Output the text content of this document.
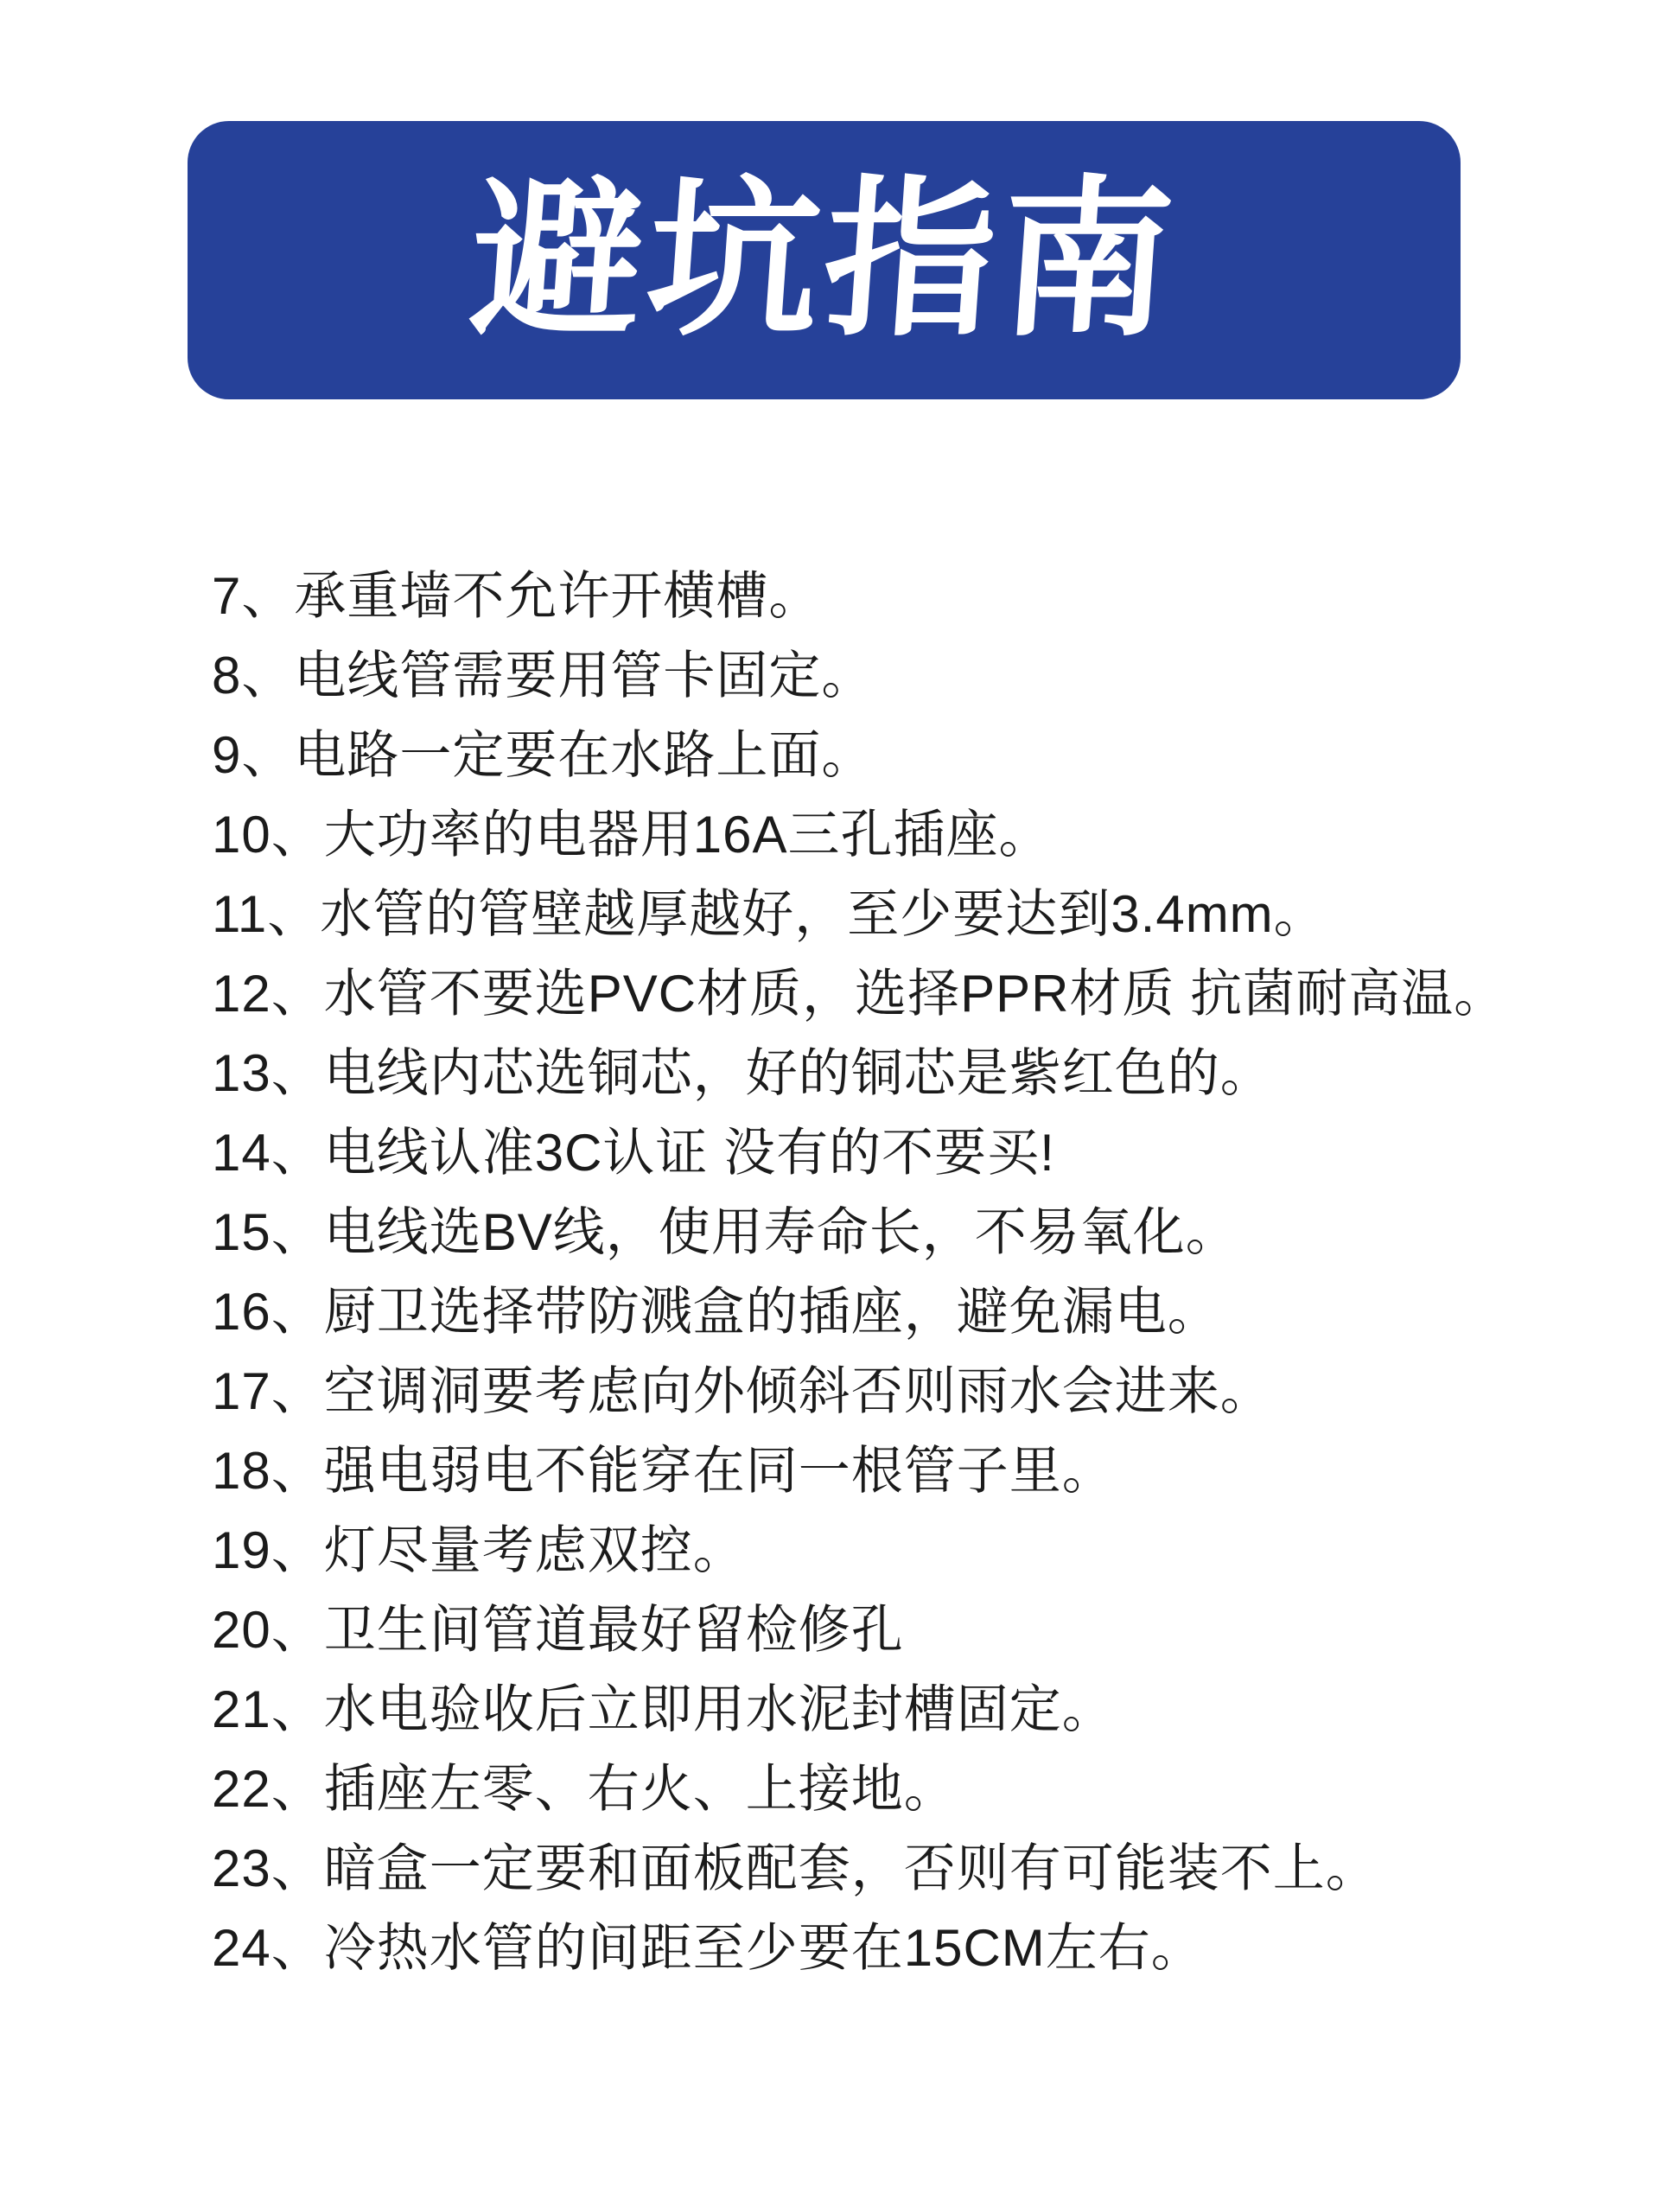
避坑指南
7、承重墙不允许开横槽。
8、电线管需要用管卡固定。
9、电路一定要在水路上面。
10、大功率的电器用16A三孔插座。
11、水管的管壁越厚越好，至少要达到3.4mm。
12、水管不要选PVC材质，选择PPR材质 抗菌耐高温。
13、电线内芯选铜芯，好的铜芯是紫红色的。
14、电线认准3C认证 没有的不要买!
15、电线选BV线，使用寿命长，不易氧化。
16、厨卫选择带防溅盒的插座，避免漏电。
17、空调洞要考虑向外倾斜否则雨水会进来。
18、强电弱电不能穿在同一根管子里。
19、灯尽量考虑双控。
20、卫生间管道最好留检修孔
21、水电验收后立即用水泥封槽固定。
22、插座左零、右火、上接地。
23、暗盒一定要和面板配套，否则有可能装不上。
24、冷热水管的间距至少要在15CM左右。
